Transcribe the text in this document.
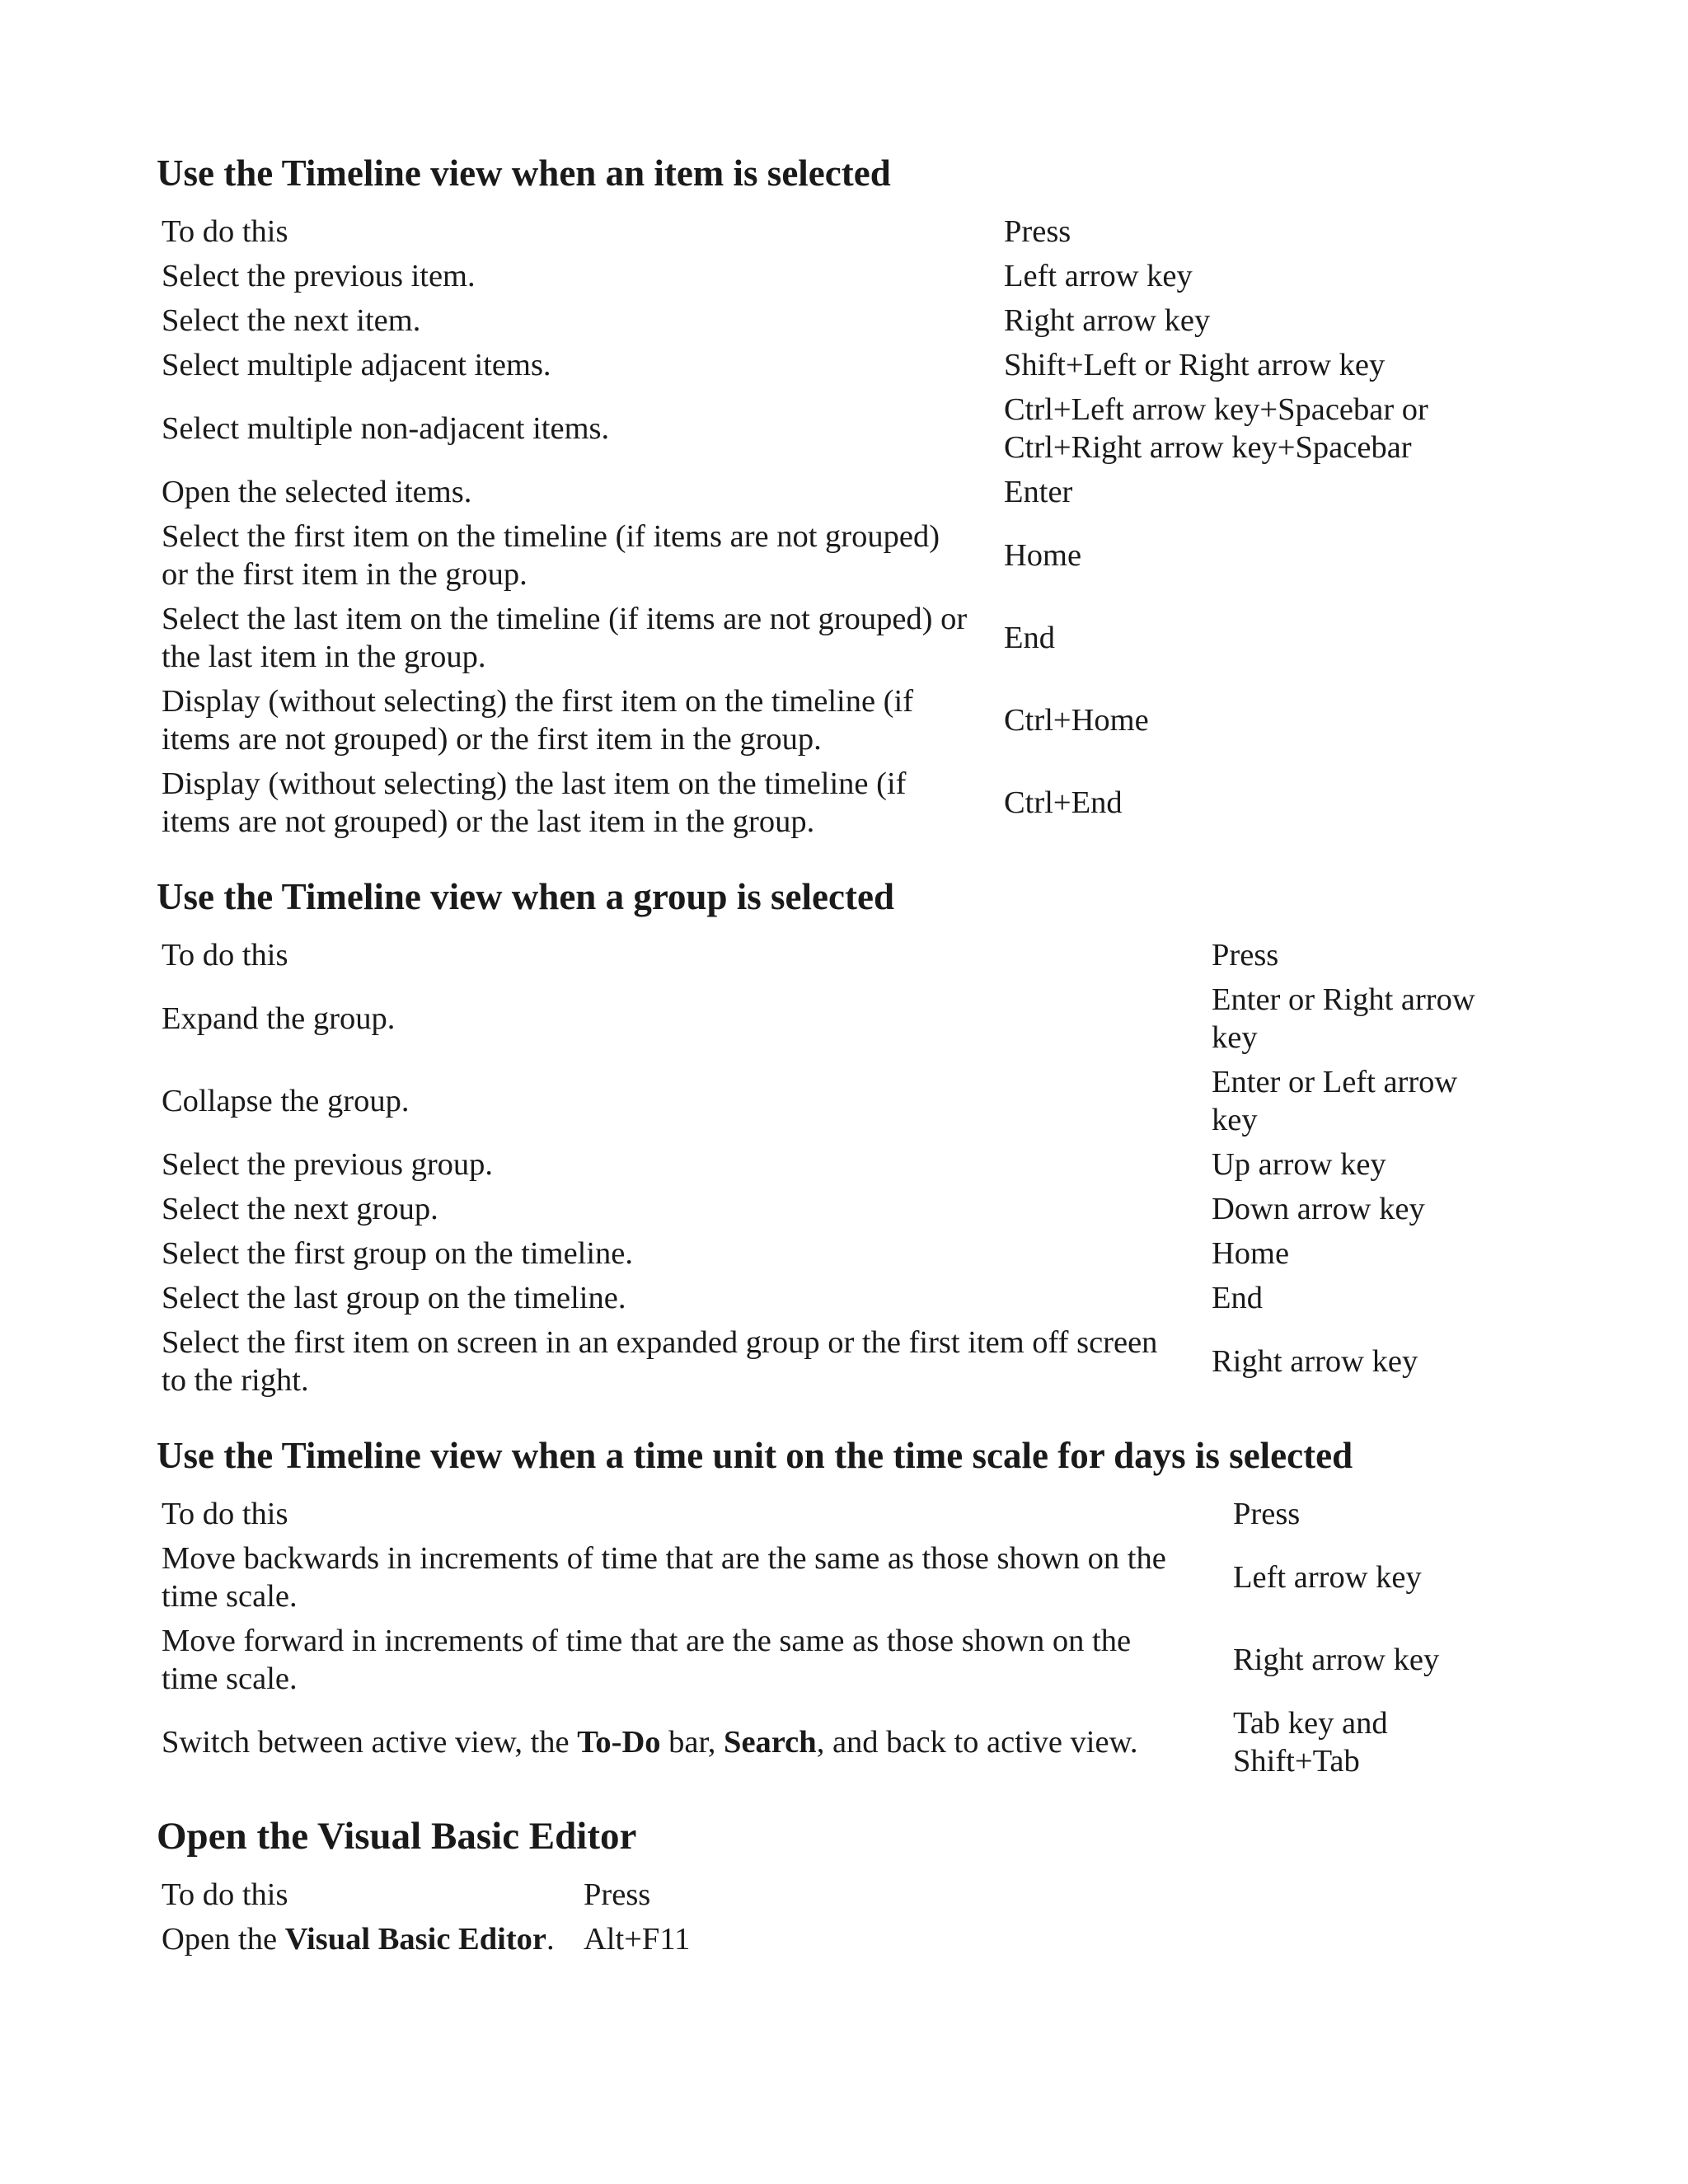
Use the Timeline view when an item is selected
To do this	Press
Select the previous item.	Left arrow key
Select the next item.	Right arrow key
Select multiple adjacent items.	Shift+Left or Right arrow key
Select multiple non-adjacent items.	Ctrl+Left arrow key+Spacebar or
Ctrl+Right arrow key+Spacebar
Open the selected items.	Enter
Select the first item on the timeline (if items are not grouped)
or the first item in the group.	Home
Select the last item on the timeline (if items are not grouped) or
the last item in the group.	End
Display (without selecting) the first item on the timeline (if
items are not grouped) or the first item in the group.	Ctrl+Home
Display (without selecting) the last item on the timeline (if
items are not grouped) or the last item in the group.	Ctrl+End
Use the Timeline view when a group is selected
To do this	Press
Expand the group.	Enter or Right arrow
key
Collapse the group.	Enter or Left arrow
key
Select the previous group.	Up arrow key
Select the next group.	Down arrow key
Select the first group on the timeline.	Home
Select the last group on the timeline.	End
Select the first item on screen in an expanded group or the first item off screen
to the right.	Right arrow key
Use the Timeline view when a time unit on the time scale for days is selected
To do this	Press
Move backwards in increments of time that are the same as those shown on the
time scale.	Left arrow key
Move forward in increments of time that are the same as those shown on the
time scale.	Right arrow key
Switch between active view, the To-Do bar, Search, and back to active view.	Tab key and
Shift+Tab
Open the Visual Basic Editor
To do this	Press
Open the Visual Basic Editor.	Alt+F11
